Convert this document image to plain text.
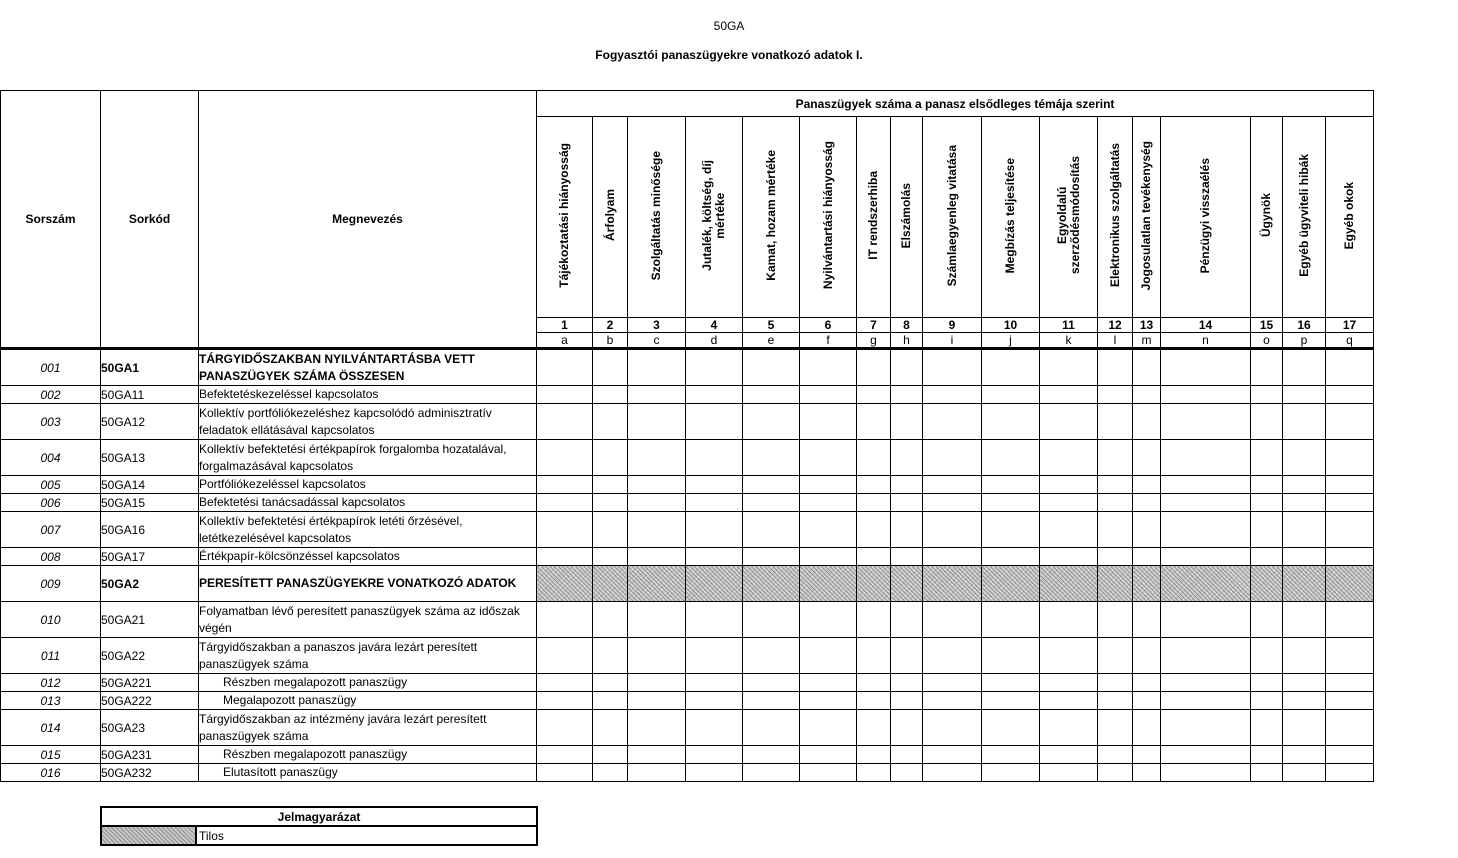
50GA
Fogyasztói panaszügyekre vonatkozó adatok I.
Sorszám	Sorkód	Megnevezés	Panaszügyek száma a panasz elsődleges témája szerint																
			Tájékoztatási hiányosság	Árfolyam	Szolgáltatás minősége	Jutalék, költség, díj
mértéke	Kamat, hozam mértéke	Nyilvántartási hiányosság	IT rendszerhiba	Elszámolás	Számlaegyenleg vitatása	Megbízás teljesítése	Egyoldalú
szerződésmódosítás	Elektronikus szolgáltatás	Jogosulatlan tevékenység	Pénzügyi visszaélés	Ügynök	Egyéb ügyviteli hibák	Egyéb okok
			1	2	3	4	5	6	7	8	9	10	11	12	13	14	15	16	17
			a	b	c	d	e	f	g	h	i	j	k	l	m	n	o	p	q
001	50GA1	TÁRGYIDŐSZAKBAN NYILVÁNTARTÁSBA VETT PANASZÜGYEK SZÁMA ÖSSZESEN																	
002	50GA11	Befektetéskezeléssel kapcsolatos																	
003	50GA12	Kollektív portfóliókezeléshez kapcsolódó adminisztratív feladatok ellátásával kapcsolatos																	
004	50GA13	Kollektív befektetési értékpapírok forgalomba hozatalával, forgalmazásával kapcsolatos																	
005	50GA14	Portfóliókezeléssel kapcsolatos																	
006	50GA15	Befektetési tanácsadással kapcsolatos																	
007	50GA16	Kollektív befektetési értékpapírok letéti őrzésével, letétkezelésével kapcsolatos																	
008	50GA17	Értékpapír-kölcsönzéssel kapcsolatos																	
009	50GA2	PERESÍTETT PANASZÜGYEKRE VONATKOZÓ ADATOK																	
010	50GA21	Folyamatban lévő peresített panaszügyek száma az időszak végén																	
011	50GA22	Tárgyidőszakban a panaszos javára lezárt peresített panaszügyek száma																	
012	50GA221	Részben megalapozott panaszügy																	
013	50GA222	Megalapozott panaszügy																	
014	50GA23	Tárgyidőszakban az intézmény javára lezárt peresített panaszügyek száma																	
015	50GA231	Részben megalapozott panaszügy																	
016	50GA232	Elutasított panaszügy																	
Jelmagyarázat
	Tilos
